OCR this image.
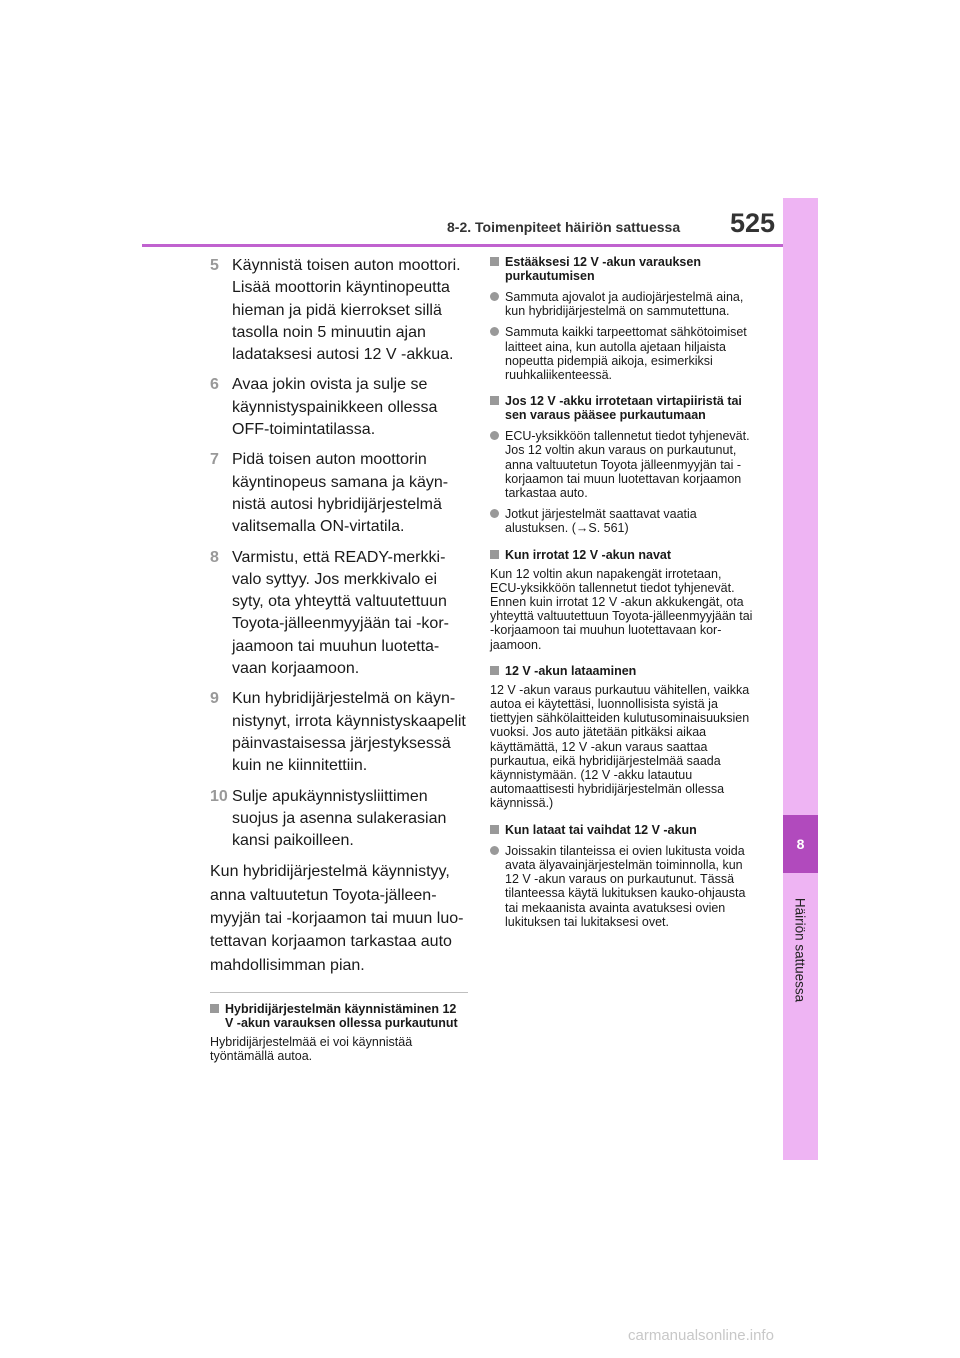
8
Häiriön sattuessa
8-2. Toimenpiteet häiriön sattuessa	525
5 Käynnistä toisen auton moottori. Lisää moottorin käyntinopeutta hieman ja pidä kierrokset sillä tasolla noin 5 minuutin ajan ladataksesi autosi 12 V -akkua.
6 Avaa jokin ovista ja sulje se käynnistyspainikkeen ollessa OFF-toimintatilassa.
7 Pidä toisen auton moottorin käyntinopeus samana ja käynnistä autosi hybridijärjestelmä valitsemalla ON-virtatila.
8 Varmistu, että READY-merkkivalo syttyy. Jos merkkivalo ei syty, ota yhteyttä valtuutettuun Toyota-jälleenmyyjään tai -korjaamoon tai muuhun luotettavaan korjaamoon.
9 Kun hybridijärjestelmä on käynnistynyt, irrota käynnistyskaapelit päinvastaisessa järjestyksessä kuin ne kiinnitettiin.
10 Sulje apukäynnistysliittimen suojus ja asenna sulakerasian kansi paikoilleen.
Kun hybridijärjestelmä käynnistyy, anna valtuutetun Toyota-jälleenmyyjän tai -korjaamon tai muun luotettavan korjaamon tarkastaa auto mahdollisimman pian.
Hybridijärjestelmän käynnistäminen 12 V -akun varauksen ollessa purkautunut
Hybridijärjestelmää ei voi käynnistää työntämällä autoa.
Estääksesi 12 V -akun varauksen purkautumisen
Sammuta ajovalot ja audiojärjestelmä aina, kun hybridijärjestelmä on sammutettuna.
Sammuta kaikki tarpeettomat sähkötoimiset laitteet aina, kun autolla ajetaan hiljaista nopeutta pidempiä aikoja, esimerkiksi ruuhkaliikenteessä.
Jos 12 V -akku irrotetaan virtapiiristä tai sen varaus pääsee purkautumaan
ECU-yksikköön tallennetut tiedot tyhjenevät. Jos 12 voltin akun varaus on purkautunut, anna valtuutetun Toyota jälleenmyyjän tai -korjaamon tai muun luotettavan korjaamon tarkastaa auto.
Jotkut järjestelmät saattavat vaatia alustuksen. (→S. 561)
Kun irrotat 12 V -akun navat
Kun 12 voltin akun napakengät irrotetaan, ECU-yksikköön tallennetut tiedot tyhjenevät. Ennen kuin irrotat 12 V -akun akkukengät, ota yhteyttä valtuutettuun Toyota-jälleenmyyjään tai -korjaamoon tai muuhun luotettavaan korjaamoon.
12 V -akun lataaminen
12 V -akun varaus purkautuu vähitellen, vaikka autoa ei käytettäsi, luonnollisista syistä ja tiettyjen sähkölaitteiden kulutusominaisuuksien vuoksi. Jos auto jätetään pitkäksi aikaa käyttämättä, 12 V -akun varaus saattaa purkautua, eikä hybridijärjestelmää saada käynnistymään. (12 V -akku latautuu automaattisesti hybridijärjestelmän ollessa käynnissä.)
Kun lataat tai vaihdat 12 V -akun
Joissakin tilanteissa ei ovien lukitusta voida avata älyavainjärjestelmän toiminnolla, kun 12 V -akun varaus on purkautunut. Tässä tilanteessa käytä lukituksen kauko-ohjausta tai mekaanista avainta avatuksesi ovien lukituksen tai lukitaksesi ovet.
carmanualsonline.info
